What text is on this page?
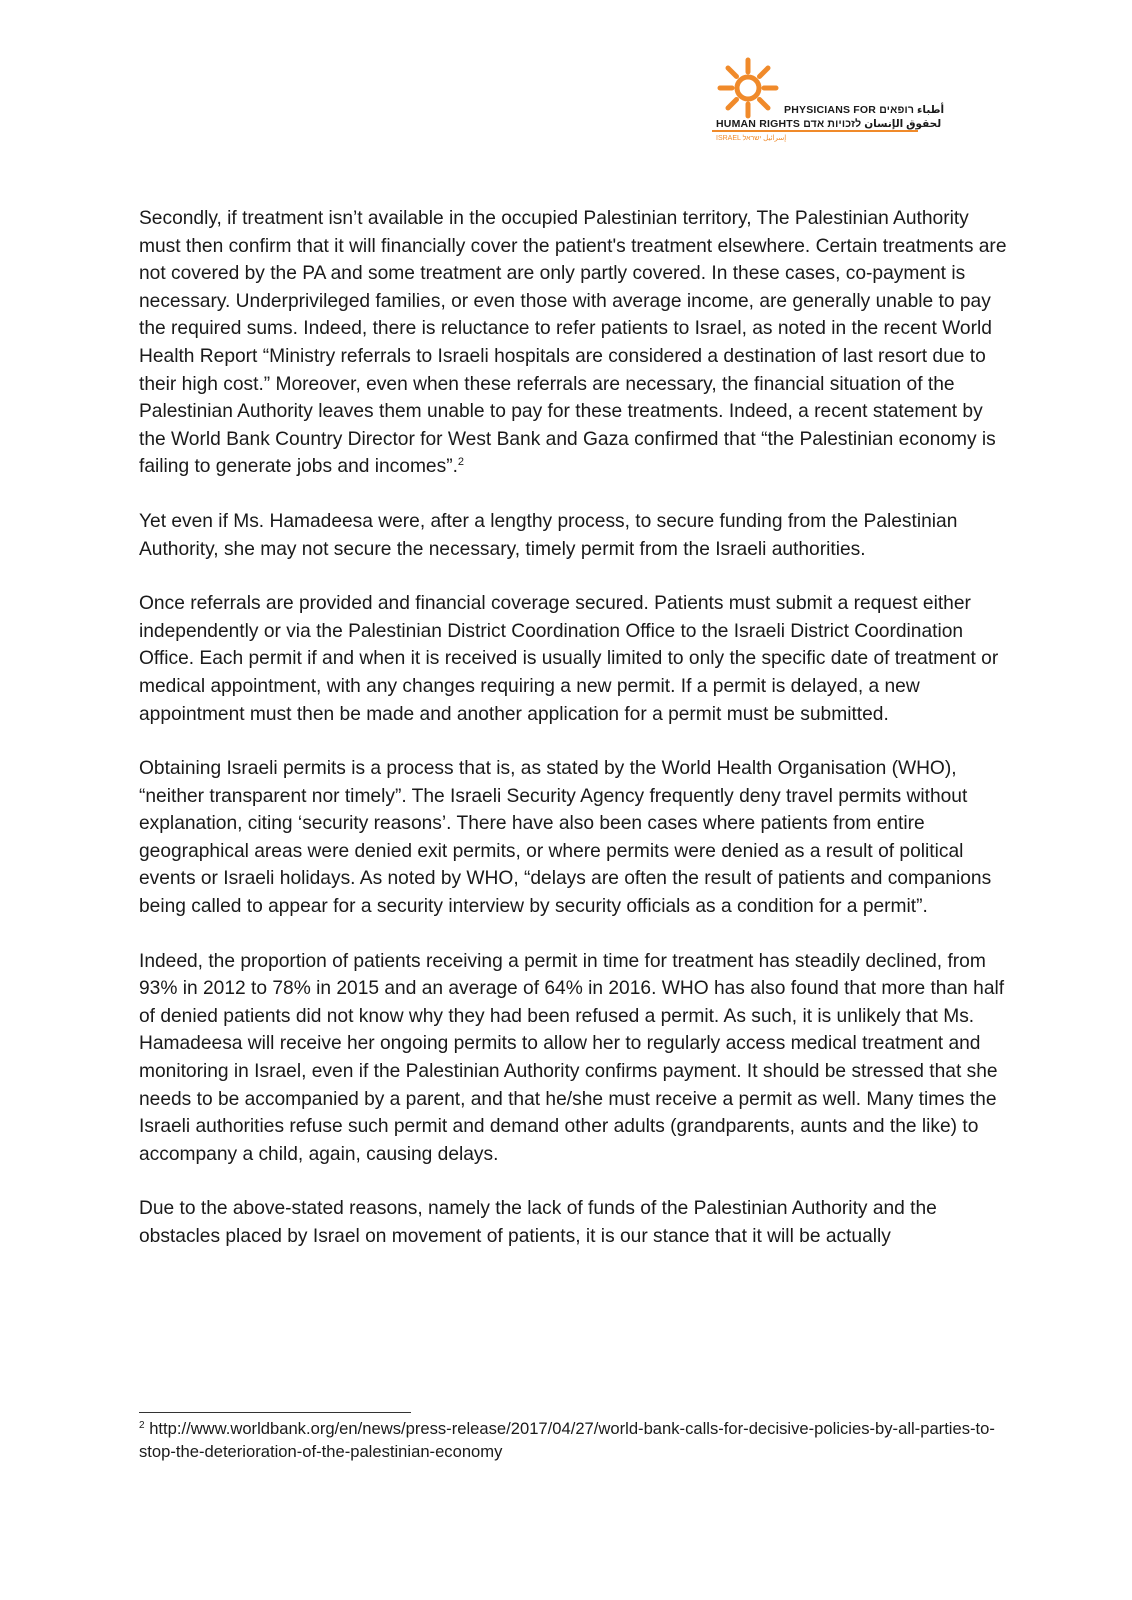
PHYSICIANS FOR أطباء רופאים
HUMAN RIGHTS لحقوق الإنسان לזכויות אדם
ISRAEL إسرائيل ישראל

Secondly, if treatment isn’t available in the occupied Palestinian territory, The Palestinian Authority must then confirm that it will financially cover the patient's treatment elsewhere. Certain treatments are not covered by the PA and some treatment are only partly covered. In these cases, co-payment is necessary. Underprivileged families, or even those with average income, are generally unable to pay the required sums. Indeed, there is reluctance to refer patients to Israel, as noted in the recent World Health Report “Ministry referrals to Israeli hospitals are considered a destination of last resort due to their high cost.” Moreover, even when these referrals are necessary, the financial situation of the Palestinian Authority leaves them unable to pay for these treatments. Indeed, a recent statement by the World Bank Country Director for West Bank and Gaza confirmed that “the Palestinian economy is failing to generate jobs and incomes”.$^2$

Yet even if Ms. Hamadeesa were, after a lengthy process, to secure funding from the Palestinian Authority, she may not secure the necessary, timely permit from the Israeli authorities.

Once referrals are provided and financial coverage secured. Patients must submit a request either independently or via the Palestinian District Coordination Office to the Israeli District Coordination Office. Each permit if and when it is received is usually limited to only the specific date of treatment or medical appointment, with any changes requiring a new permit. If a permit is delayed, a new appointment must then be made and another application for a permit must be submitted.

Obtaining Israeli permits is a process that is, as stated by the World Health Organisation (WHO), “neither transparent nor timely”. The Israeli Security Agency frequently deny travel permits without explanation, citing ‘security reasons’. There have also been cases where patients from entire geographical areas were denied exit permits, or where permits were denied as a result of political events or Israeli holidays. As noted by WHO, “delays are often the result of patients and companions being called to appear for a security interview by security officials as a condition for a permit”.

Indeed, the proportion of patients receiving a permit in time for treatment has steadily declined, from 93% in 2012 to 78% in 2015 and an average of 64% in 2016. WHO has also found that more than half of denied patients did not know why they had been refused a permit. As such, it is unlikely that Ms. Hamadeesa will receive her ongoing permits to allow her to regularly access medical treatment and monitoring in Israel, even if the Palestinian Authority confirms payment. It should be stressed that she needs to be accompanied by a parent, and that he/she must receive a permit as well. Many times the Israeli authorities refuse such permit and demand other adults (grandparents, aunts and the like) to accompany a child, again, causing delays.

Due to the above-stated reasons, namely the lack of funds of the Palestinian Authority and the obstacles placed by Israel on movement of patients, it is our stance that it will be actually

$^2$ http://www.worldbank.org/en/news/press-release/2017/04/27/world-bank-calls-for-decisive-policies-by-all-parties-to-stop-the-deterioration-of-the-palestinian-economy
